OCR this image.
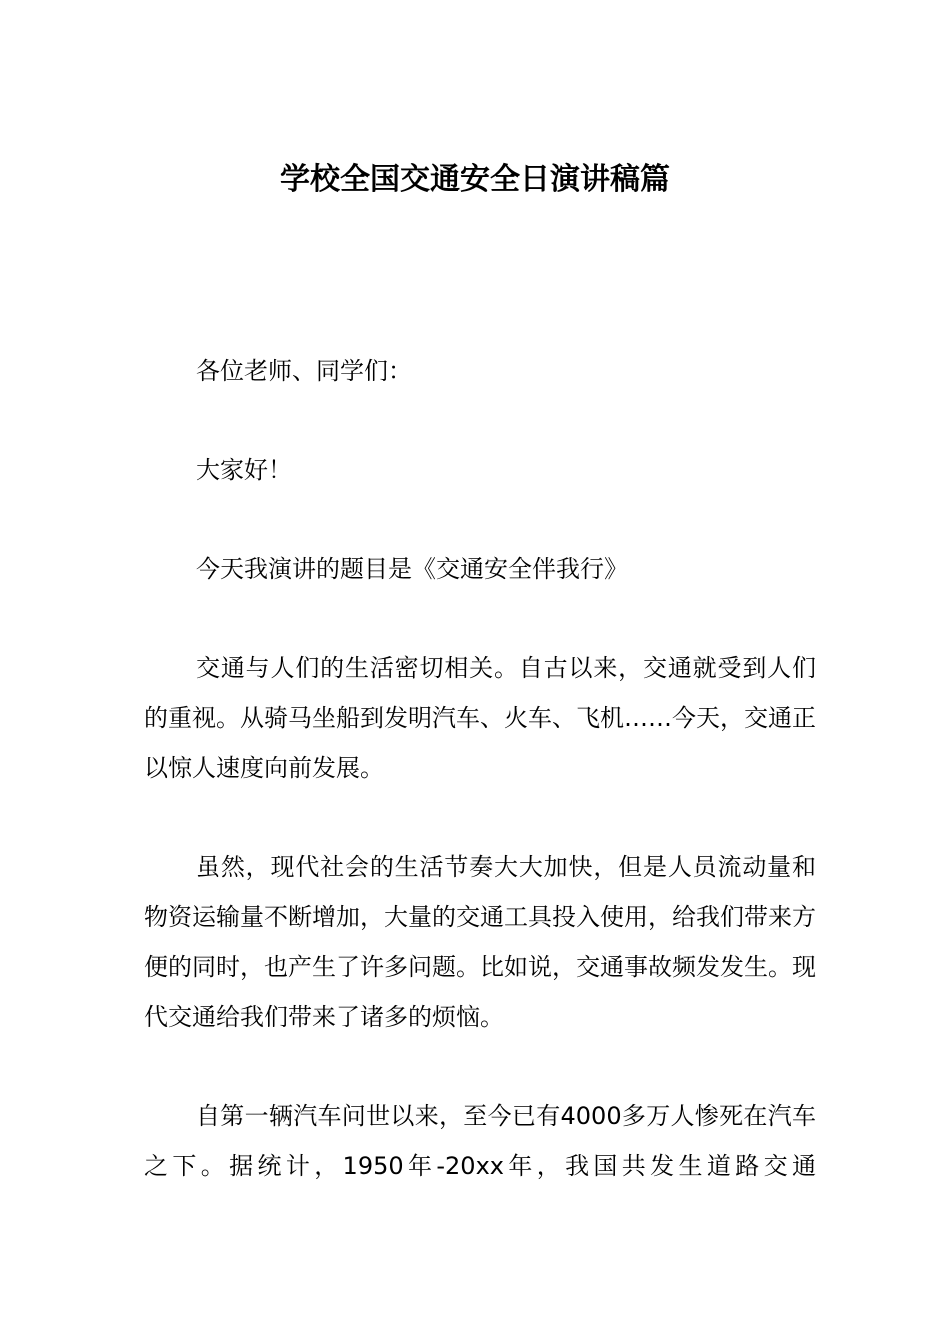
学校全国交通安全日演讲稿篇

各位老师、同学们：

大家好！

今天我演讲的题目是《交通安全伴我行》

交通与人们的生活密切相关。自古以来，交通就受到人们的重视。从骑马坐船到发明汽车、火车、飞机……今天，交通正以惊人速度向前发展。

虽然，现代社会的生活节奏大大加快，但是人员流动量和物资运输量不断增加，大量的交通工具投入使用，给我们带来方便的同时，也产生了许多问题。比如说，交通事故频发发生。现代交通给我们带来了诸多的烦恼。

自第一辆汽车问世以来，至今已有4000多万人惨死在汽车之下。据统计，1950年-20xx年，我国共发生道路交通
